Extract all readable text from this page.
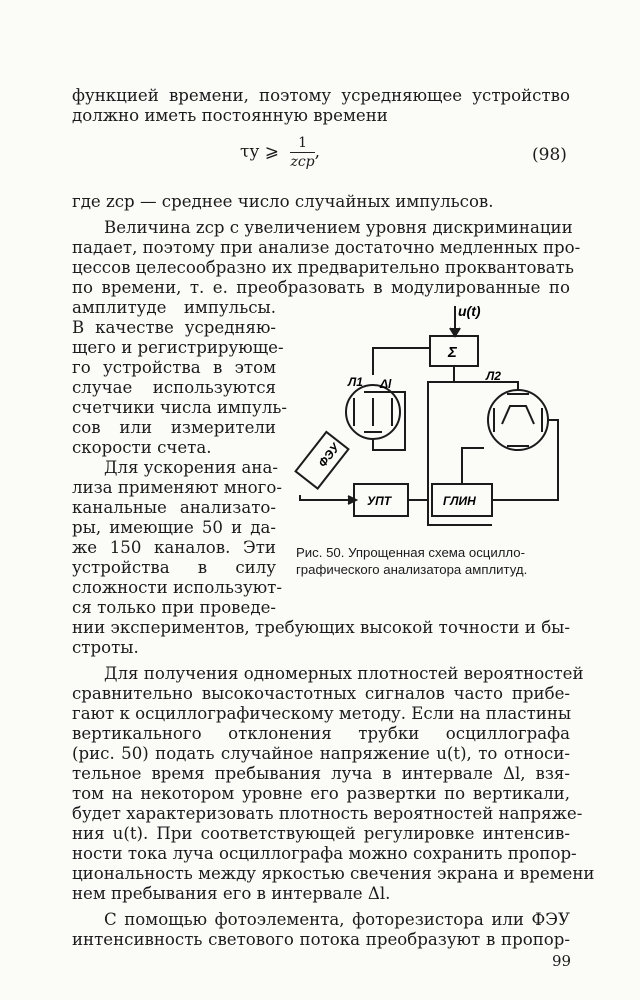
функцией времени, поэтому усредняющее устройство
должно иметь постоянную времени
τу ⩾ $\frac{1}{\text{zср}}$ ,	(98)
где zср — среднее число случайных импульсов.
Величина zср с увеличением уровня дискриминации
падает, поэтому при анализе достаточно медленных про-
цессов целесообразно их предварительно проквантовать
по времени, т. е. преобразовать в модулированные по
амплитуде импульсы.
В качестве усредняю-
щего и регистрирующе-
го устройства в этом
случае используются
счетчики числа импуль-
сов или измерители
скорости счета.
Для ускорения ана-
лиза применяют много-
канальные анализато-
ры, имеющие 50 и да-
же 150 каналов. Эти
устройства в силу
сложности используют-
ся только при проведе-
нии экспериментов, требующих высокой точности и бы-
строты.
u(t)
Σ
Л1 Δl
Л2
ФЭУ
УПТ	ГЛИН
Рис. 50. Упрощенная схема осцилло-
графического анализатора амплитуд.
Для получения одномерных плотностей вероятностей
сравнительно высокочастотных сигналов часто прибе-
гают к осциллографическому методу. Если на пластины
вертикального отклонения трубки осциллографа
(рис. 50) подать случайное напряжение u(t), то относи-
тельное время пребывания луча в интервале Δl, взя-
том на некотором уровне его развертки по вертикали,
будет характеризовать плотность вероятностей напряже-
ния u(t). При соответствующей регулировке интенсив-
ности тока луча осциллографа можно сохранить пропор-
циональность между яркостью свечения экрана и времени
нем пребывания его в интервале Δl.
С помощью фотоэлемента, фоторезистора или ФЭУ
интенсивность светового потока преобразуют в пропор-
99
